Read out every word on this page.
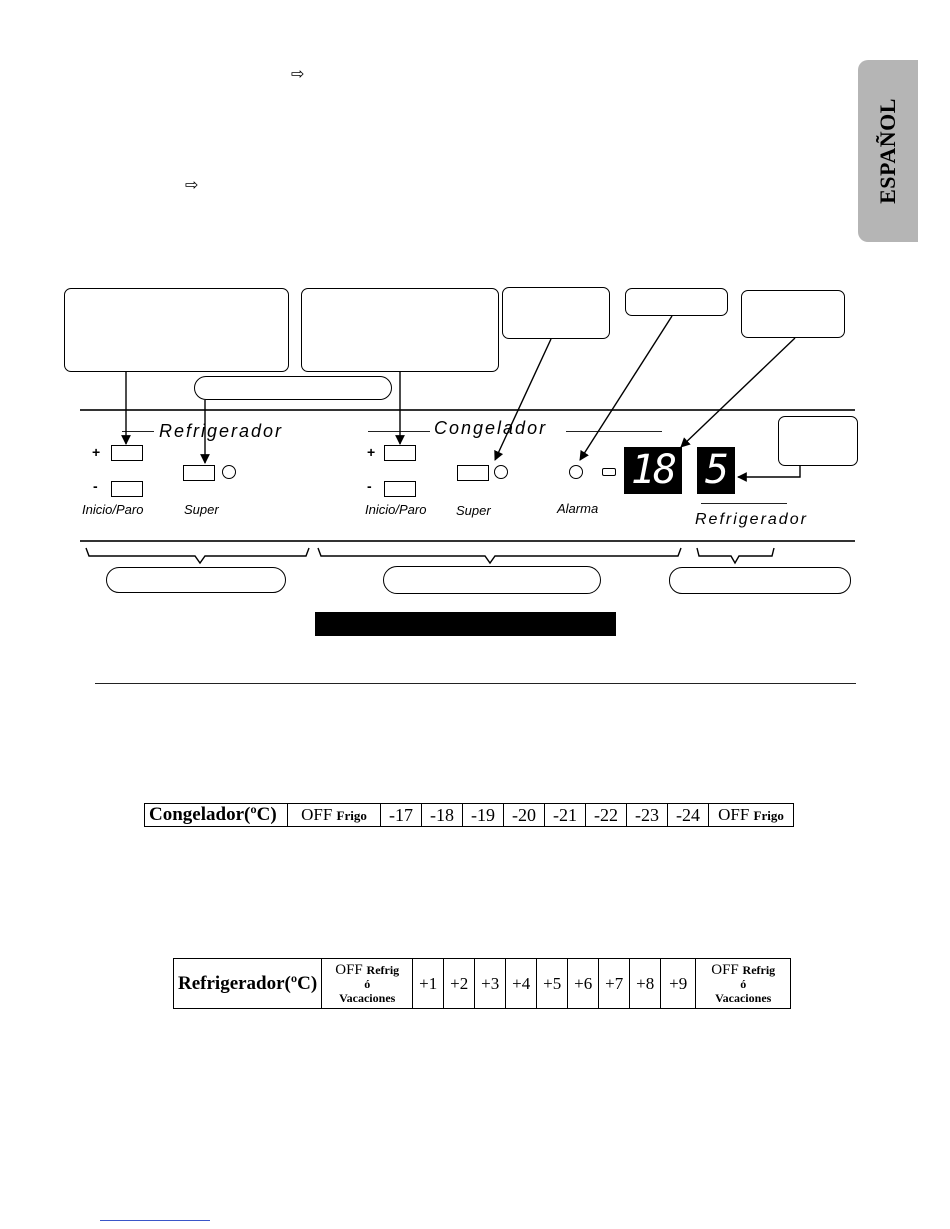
⇨
⇨	ESPAÑOL
Refrigerador
+
-
Inicio/Paro	Super
Congelador
+
-
Inicio/Paro Super	Alarma
18 5
Refrigerador
Congelador(ºC)	OFF Frigo	-17	-18	-19	-20	-21	-22	-23	-24	OFF Frigo
Refrigerador(ºC)	OFF Refrig
ó
Vacaciones	+1	+2	+3	+4	+5	+6	+7	+8	+9	OFF Refrig
ó
Vacaciones
